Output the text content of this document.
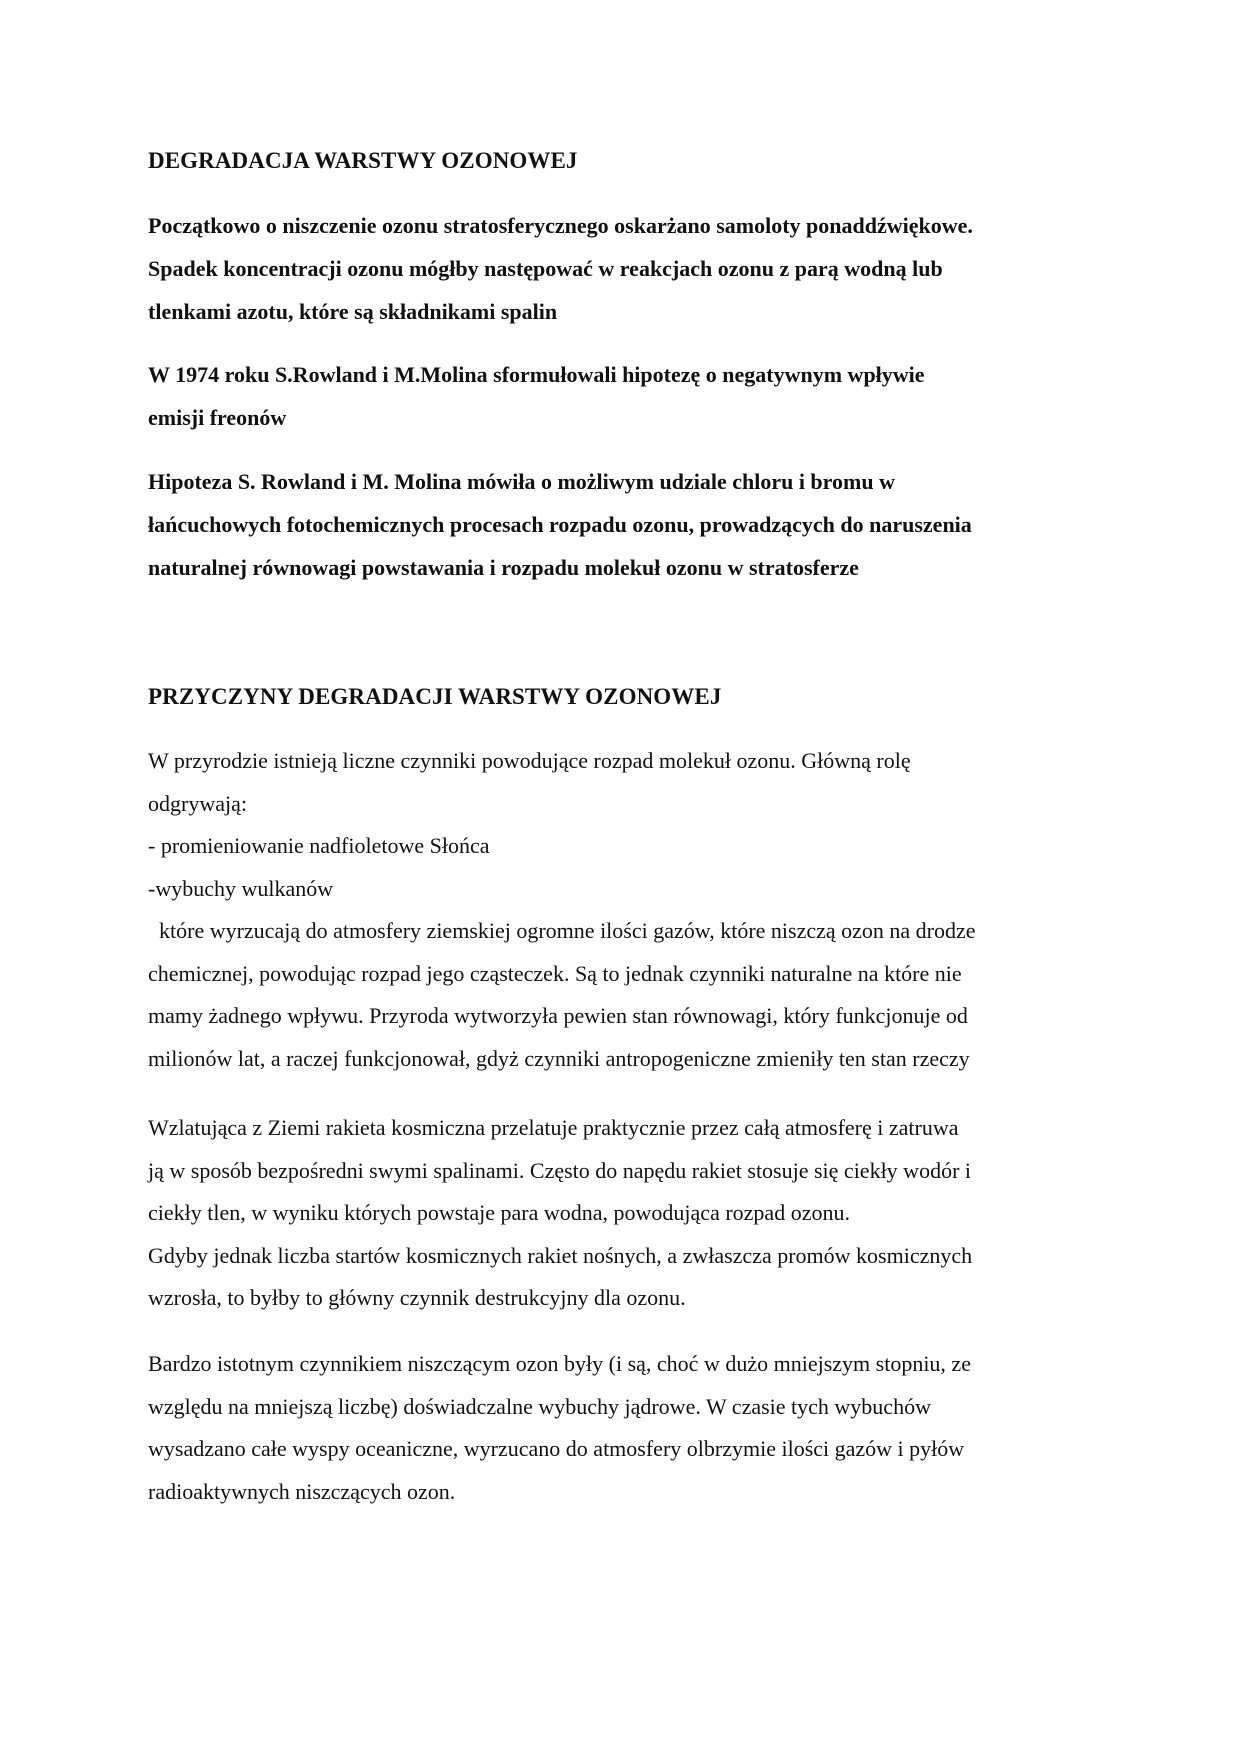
DEGRADACJA WARSTWY OZONOWEJ

Początkowo o niszczenie ozonu stratosferycznego oskarżano samoloty ponaddźwiękowe.
Spadek koncentracji ozonu mógłby następować w reakcjach ozonu z parą wodną lub
tlenkami azotu, które są składnikami spalin

W 1974 roku S.Rowland i M.Molina sformułowali hipotezę o negatywnym wpływie
emisji freonów

Hipoteza S. Rowland i M. Molina mówiła o możliwym udziale chloru i bromu w
łańcuchowych fotochemicznych procesach rozpadu ozonu, prowadzących do naruszenia
naturalnej równowagi powstawania i rozpadu molekuł ozonu w stratosferze

PRZYCZYNY DEGRADACJI WARSTWY OZONOWEJ

W przyrodzie istnieją liczne czynniki powodujące rozpad molekuł ozonu. Główną rolę
odgrywają:
- promieniowanie nadfioletowe Słońca
-wybuchy wulkanów
które wyrzucają do atmosfery ziemskiej ogromne ilości gazów, które niszczą ozon na drodze
chemicznej, powodując rozpad jego cząsteczek. Są to jednak czynniki naturalne na które nie
mamy żadnego wpływu. Przyroda wytworzyła pewien stan równowagi, który funkcjonuje od
milionów lat, a raczej funkcjonował, gdyż czynniki antropogeniczne zmieniły ten stan rzeczy

Wzlatująca z Ziemi rakieta kosmiczna przelatuje praktycznie przez całą atmosferę i zatruwa
ją w sposób bezpośredni swymi spalinami. Często do napędu rakiet stosuje się ciekły wodór i
ciekły tlen, w wyniku których powstaje para wodna, powodująca rozpad ozonu.
Gdyby jednak liczba startów kosmicznych rakiet nośnych, a zwłaszcza promów kosmicznych
wzrosła, to byłby to główny czynnik destrukcyjny dla ozonu.

Bardzo istotnym czynnikiem niszczącym ozon były (i są, choć w dużo mniejszym stopniu, ze
względu na mniejszą liczbę) doświadczalne wybuchy jądrowe. W czasie tych wybuchów
wysadzano całe wyspy oceaniczne, wyrzucano do atmosfery olbrzymie ilości gazów i pyłów
radioaktywnych niszczących ozon.
